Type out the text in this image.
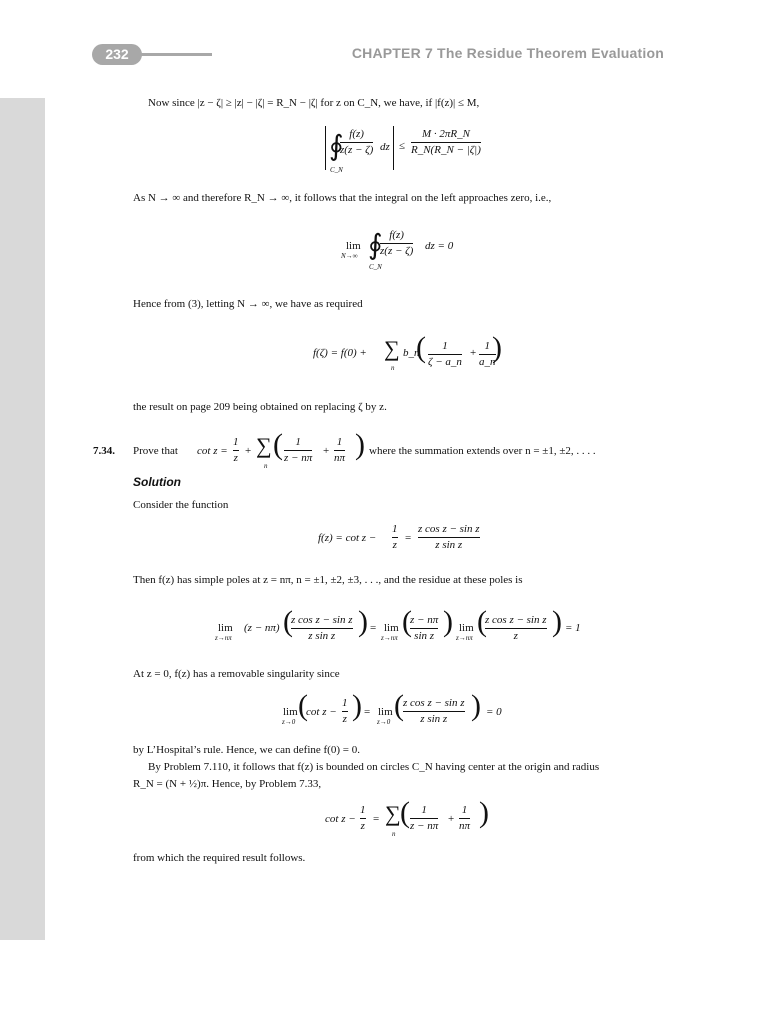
232	CHAPTER 7 The Residue Theorem Evaluation
Now since |z − ζ| ≥ |z| − |ζ| = R_N − |ζ| for z on C_N, we have, if |f(z)| ≤ M,
∮ f(z)
z(z − ζ) dz ≤
M · 2πR_N
R_N(R_N − |ζ|)
C_N
As N → ∞ and therefore R_N → ∞, it follows that the integral on the left approaches zero, i.e.,
lim
N→∞ ∮ f(z)
z(z − ζ) dz = 0
C_N
Hence from (3), letting N → ∞, we have as required
f(ζ) = f(0) + ∑
n
b_n
( 1
ζ − a_n
+
1
a_n
)
the result on page 209 being obtained on replacing ζ by z.
7.34. Prove that cot z =
1
z
+ ∑
n
( 1
z − nπ
+
1
nπ ) where the summation extends over n = ±1, ±2, . . . .
Solution
Consider the function
f(z) = cot z −
1
z
=
z cos z − sin z
z sin z
Then f(z) has simple poles at z = nπ, n = ±1, ±2, ±3, . . ., and the residue at these poles is
lim
z→nπ
(z − nπ) (
z cos z − sin z
z sin z ) = lim
z→nπ (
z − nπ
sin z ) lim
z→nπ (
z cos z − sin z
z ) = 1
At z = 0, f(z) has a removable singularity since
lim
z→0 (
cot z −
1
z ) = lim
z→0 ( z cos z − sin z
z sin z ) = 0
by L’Hospital’s rule. Hence, we can define f(0) = 0.
By Problem 7.110, it follows that f(z) is bounded on circles C_N having center at the origin and radius
R_N = (N + ½)π. Hence, by Problem 7.33,
cot z −
1
z
= ∑
n
( 1
z − nπ
+
1
nπ )
from which the required result follows.
